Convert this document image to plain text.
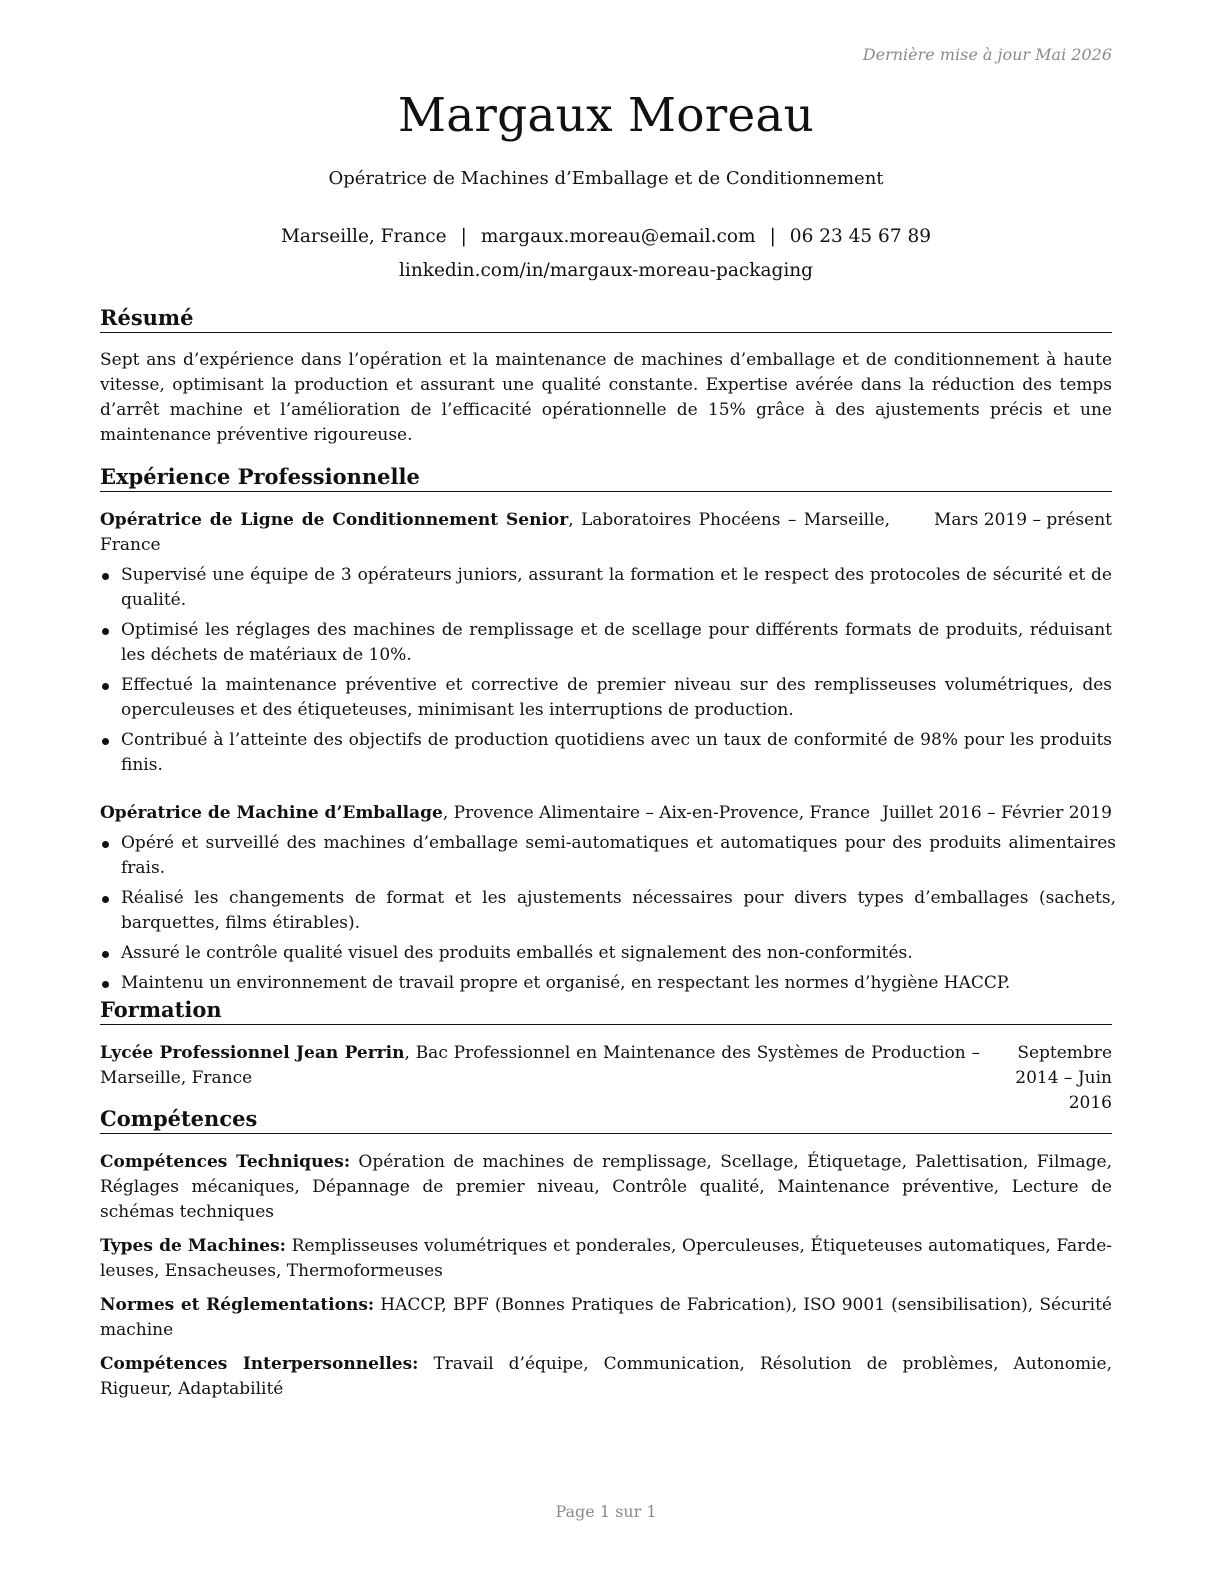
Dernière mise à jour Mai 2026
Margaux Moreau
Opératrice de Machines d’Emballage et de Conditionnement
Marseille, France | margaux.moreau@email.com | 06 23 45 67 89
linkedin.com/in/margaux-moreau-packaging
Résumé
Sept ans d’expérience dans l’opération et la maintenance de machines d’emballage et de conditionnement à haute vitesse, optimisant la production et assurant une qualité constante. Expertise avérée dans la réduction des temps d’arrêt machine et l’amélioration de l’efficacité opérationnelle de 15% grâce à des ajustements précis et une maintenance préventive rigoureuse.
Expérience Professionnelle
Opératrice de Ligne de Conditionnement Senior, Laboratoires Phocéens – Marseille, France
Mars 2019 – présent
Supervisé une équipe de 3 opérateurs juniors, assurant la formation et le respect des protocoles de sécurité et de qualité.
Optimisé les réglages des machines de remplissage et de scellage pour différents formats de produits, réduisant les déchets de matériaux de 10%.
Effectué la maintenance préventive et corrective de premier niveau sur des remplisseuses volumétriques, des operculeuses et des étiqueteuses, minimisant les interruptions de production.
Contribué à l’atteinte des objectifs de production quotidiens avec un taux de conformité de 98% pour les produits finis.
Opératrice de Machine d’Emballage, Provence Alimentaire – Aix-en-Provence, France Juillet 2016 – Février 2019
Opéré et surveillé des machines d’emballage semi-automatiques et automatiques pour des produits alimentaires frais.
Réalisé les changements de format et les ajustements nécessaires pour divers types d’emballages (sachets, barquettes, films étirables).
Assuré le contrôle qualité visuel des produits emballés et signalement des non-conformités.
Maintenu un environnement de travail propre et organisé, en respectant les normes d’hygiène HACCP.
Formation
Lycée Professionnel Jean Perrin, Bac Professionnel en Maintenance des Systèmes de Production – Marseille, France
Septembre 2014 – Juin 2016
Compétences
Compétences Techniques: Opération de machines de remplissage, Scellage, Étiquetage, Palettisation, Filmage, Réglages mécaniques, Dépannage de premier niveau, Contrôle qualité, Maintenance préventive, Lecture de schémas techniques
Types de Machines: Remplisseuses volumétriques et ponderales, Operculeuses, Étiqueteuses automatiques, Fardeleuses, Ensacheuses, Thermoformeuses
Normes et Réglementations: HACCP, BPF (Bonnes Pratiques de Fabrication), ISO 9001 (sensibilisation), Sécurité machine
Compétences Interpersonnelles: Travail d’équipe, Communication, Résolution de problèmes, Autonomie, Rigueur, Adaptabilité
Page 1 sur 1
